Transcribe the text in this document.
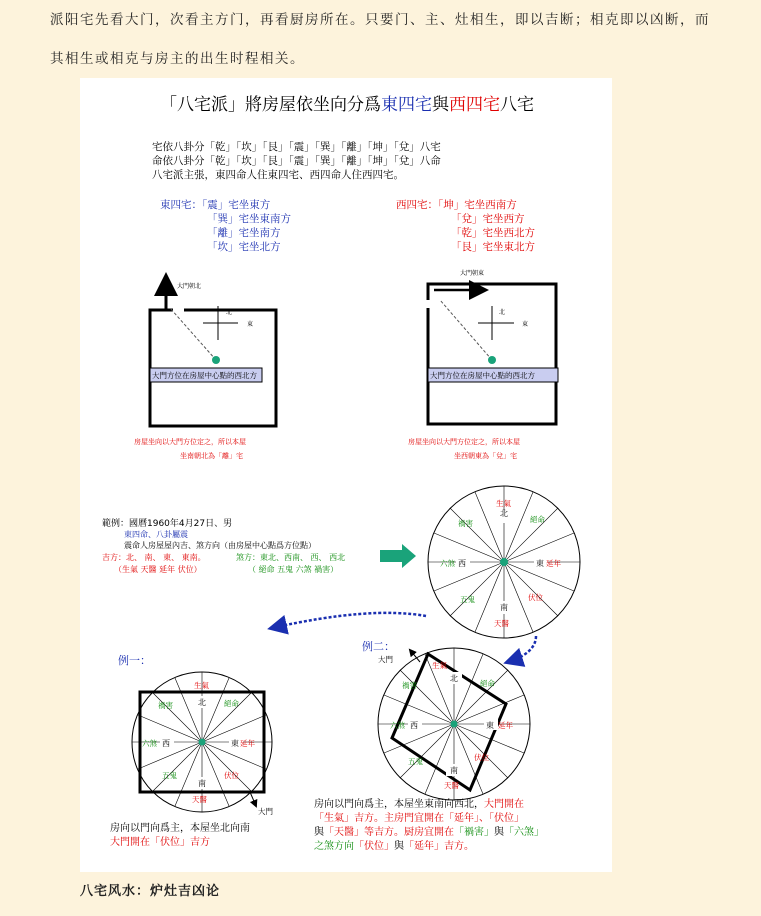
派阳宅先看大门，次看主方门，再看厨房所在。只要门、主、灶相生，即以吉断；相克即以凶断，而
其相生或相克与房主的出生时程相关。
「八宅派」將房屋依坐向分爲東四宅與西四宅八宅
宅依八卦分「乾」「坎」「艮」「震」「巽」「離」「坤」「兌」八宅
命依八卦分「乾」「坎」「艮」「震」「巽」「離」「坤」「兌」八命
八宅派主張，東四命人住東四宅、西四命人住西四宅。
東四宅：「震」宅坐東方
「巽」宅坐東南方
「離」宅坐南方
「坎」宅坐北方
西四宅：「坤」宅坐西南方
「兌」宅坐西方
「乾」宅坐西北方
「艮」宅坐東北方
大門朝北
北
東
大門方位在房屋中心點的西北方
房屋坐向以大門方位定之，所以本屋
坐南朝北為「離」宅
大門朝東
北
東
大門方位在房屋中心點的西北方
房屋坐向以大門方位定之，所以本屋
坐西朝東為「兌」宅
範例：國曆1960年4月27日、男
東四命、八卦屬震
震命人房屋屋內吉、煞方向（由房屋中心點爲方位點）
吉方：北、 南、 東、 東南。	煞方：東北、西南、 西、 西北
（生氣 天醫 延年 伏位）	（ 絕命 五鬼 六煞 禍害）
北
南
西	東
生氣
絕命
延年
伏位
天醫
五鬼
六煞
禍害
例一：
例二：
北
南
西	東
生氣
絕命
延年
伏位
天醫
五鬼
六煞
禍害
大門
北
南
西	東
生氣
絕命
延年
伏位
天醫
五鬼
六煞
禍害
大門
房向以門向爲主，本屋坐北向南
大門開在「伏位」吉方
房向以門向爲主，本屋坐東南向西北，大門開在
「生氣」吉方。主房門宜開在「延年」、「伏位」
與「天醫」等吉方。厨房宜開在「禍害」與「六煞」
之煞方向「伏位」與「延年」吉方。
八宅风水：炉灶吉凶论
